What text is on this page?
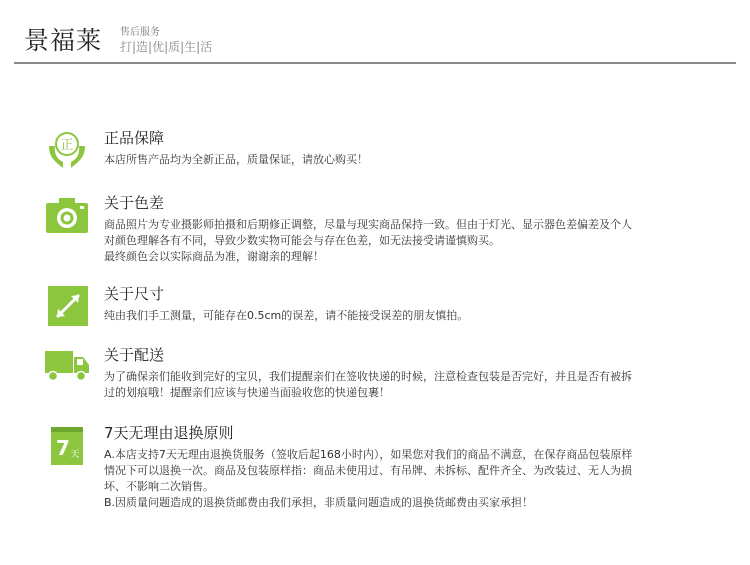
景福莱 售后服务
打|造|优|质|生|活
正 正品保障

本店所售产品均为全新正品，质量保证，请放心购买！

关于色差

商品照片为专业摄影师拍摄和后期修正调整，尽量与现实商品保持一致。但由于灯光、显示器色差偏差及个人

对颜色理解各有不同，导致少数实物可能会与存在色差，如无法接受请谨慎购买。

最终颜色会以实际商品为准，谢谢亲的理解！

关于尺寸

纯由我们手工测量，可能存在0.5cm的误差，请不能接受误差的朋友慎拍。

关于配送

为了确保亲们能收到完好的宝贝，我们提醒亲们在签收快递的时候，注意检查包装是否完好，并且是否有被拆

过的划痕哦！提醒亲们应该与快递当面验收您的快递包裹！

7 天
7天无理由退换原则

A.本店支持7天无理由退换货服务（签收后起168小时内），如果您对我们的商品不满意，在保存商品包装原样

情况下可以退换一次。商品及包装原样指：商品未使用过、有吊牌、未拆标、配件齐全、为改装过、无人为损

坏、不影响二次销售。

B.因质量问题造成的退换货邮费由我们承担，非质量问题造成的退换货邮费由买家承担！
